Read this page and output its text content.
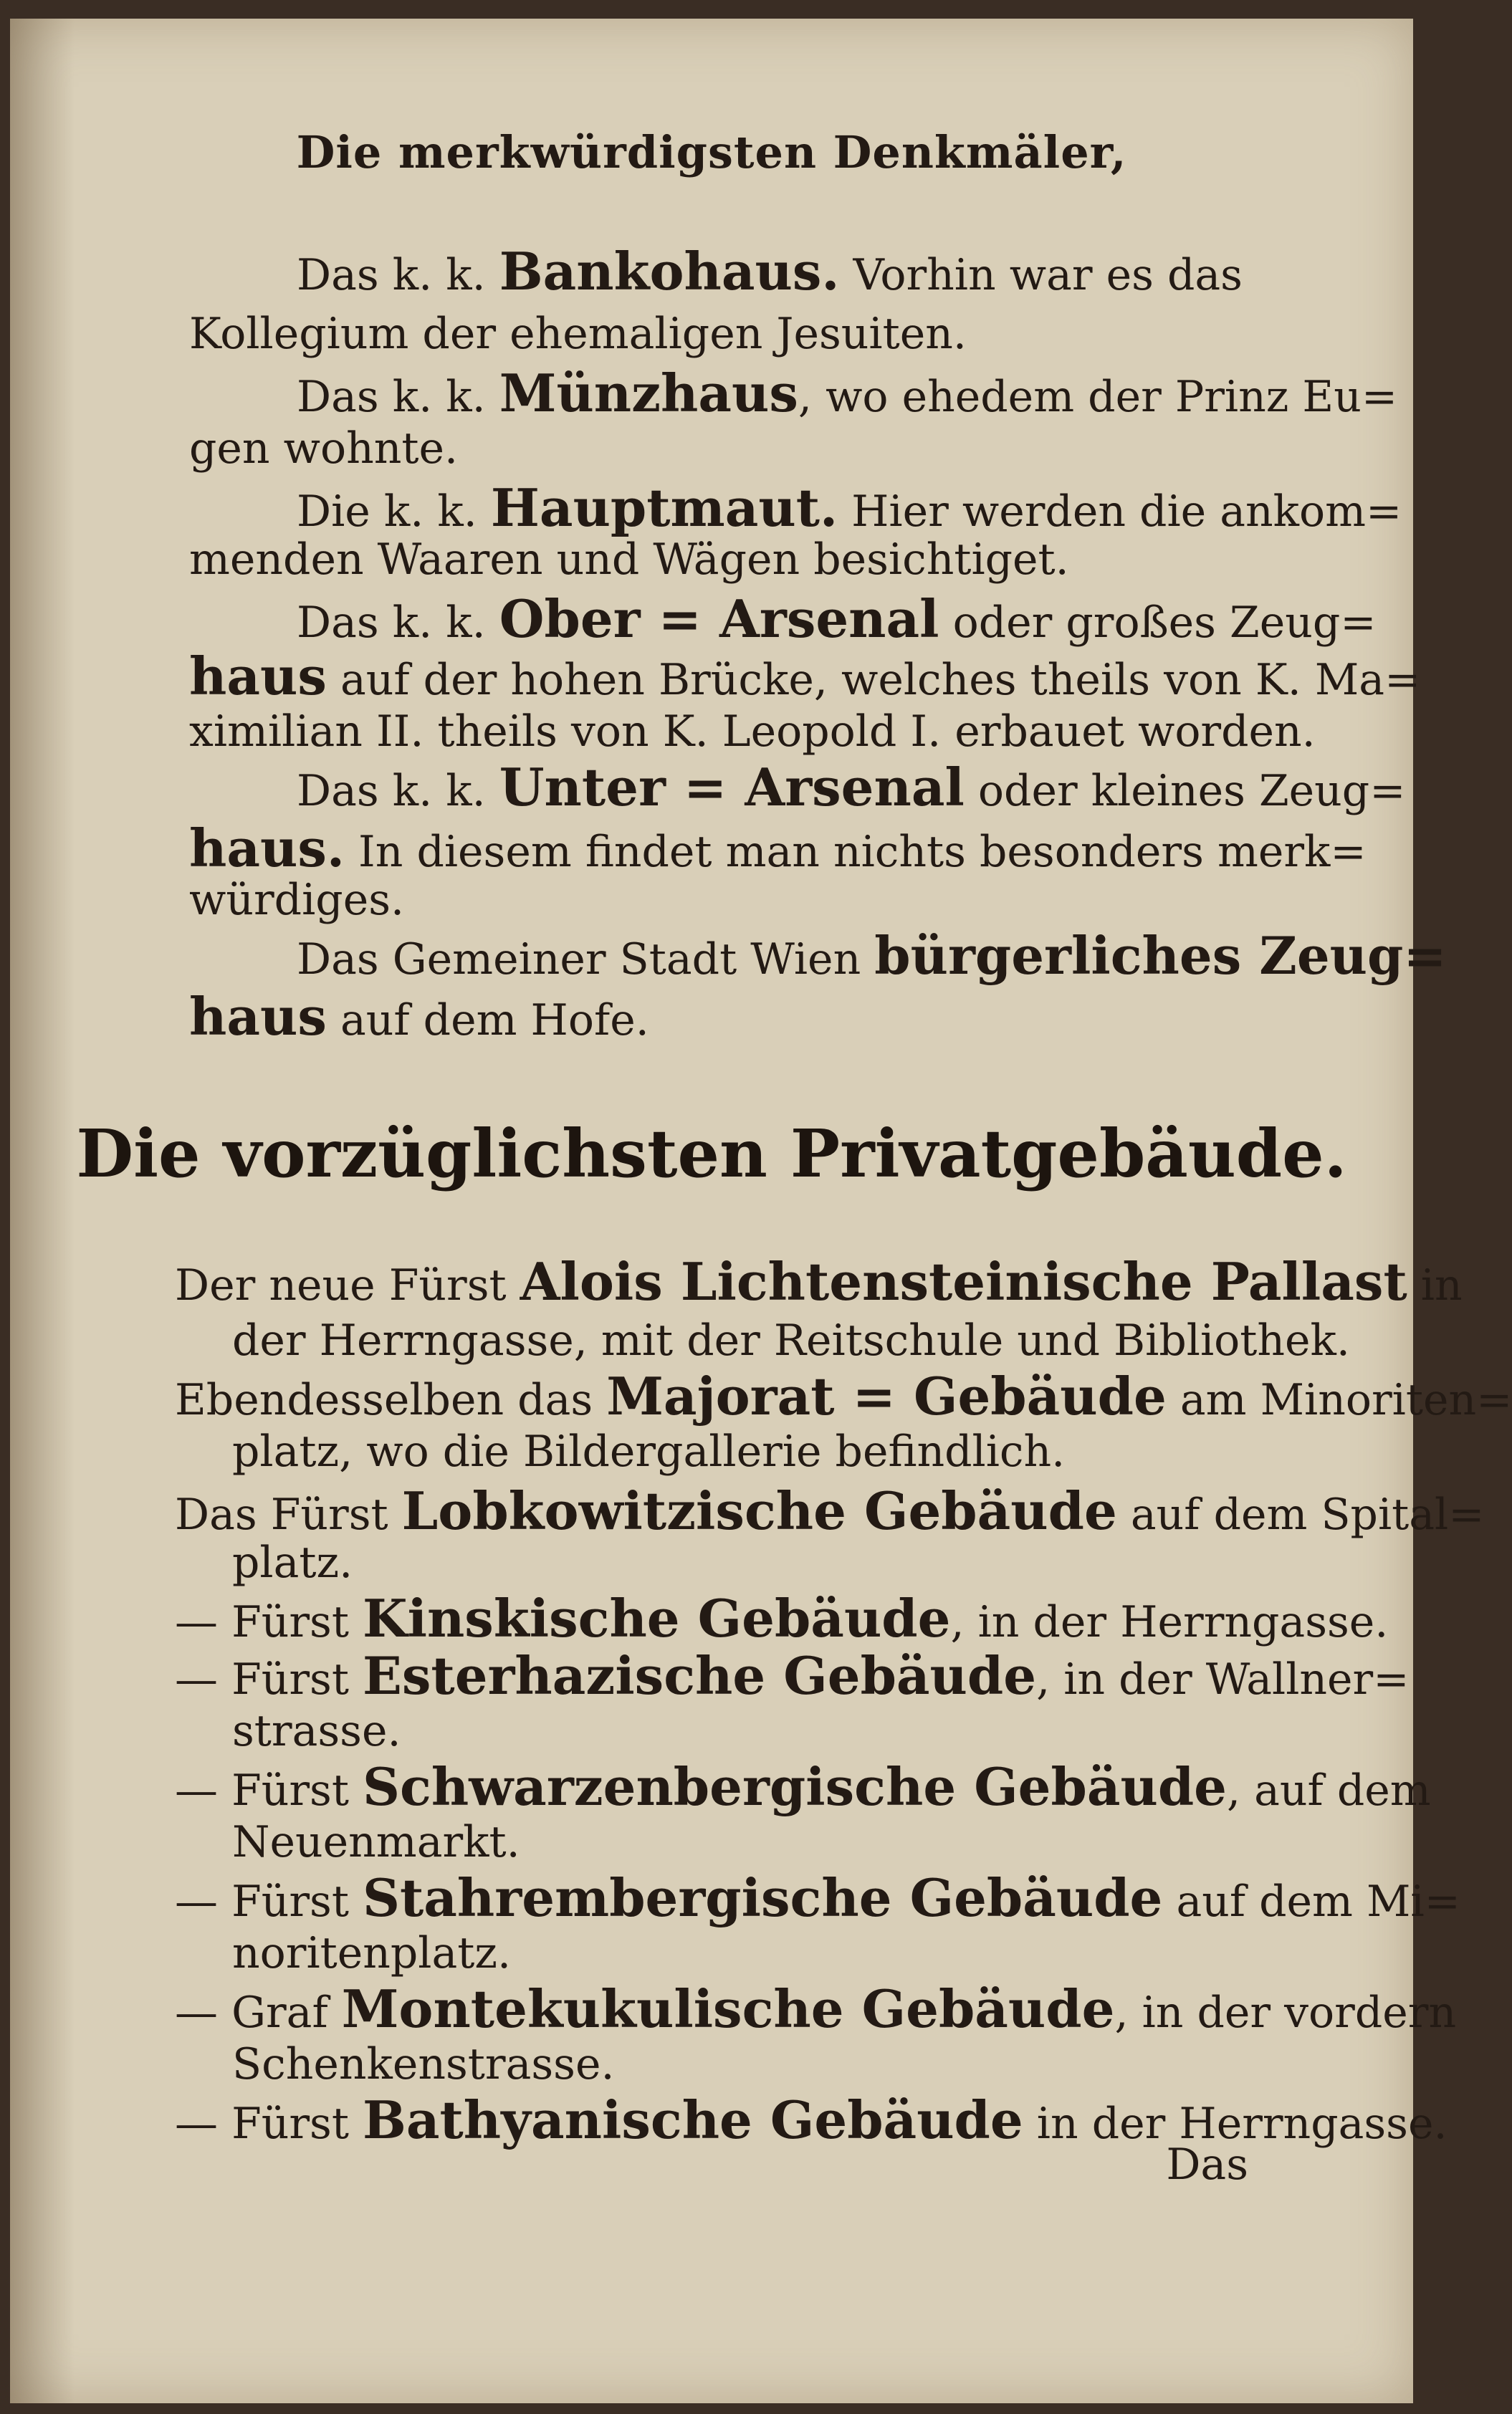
Die merkwürdigsten Denkmäler,
Das k. k. Bankohaus. Vorhin war es das
Kollegium der ehemaligen Jesuiten.
Das k. k. Münzhaus, wo ehedem der Prinz Eu=
gen wohnte.
Die k. k. Hauptmaut. Hier werden die ankom=
menden Waaren und Wägen besichtiget.
Das k. k. Ober = Arsenal oder großes Zeug=
haus auf der hohen Brücke, welches theils von K. Ma=
ximilian II. theils von K. Leopold I. erbauet worden.
Das k. k. Unter = Arsenal oder kleines Zeug=
haus. In diesem findet man nichts besonders merk=
würdiges.
Das Gemeiner Stadt Wien bürgerliches Zeug=
haus auf dem Hofe.
Die vorzüglichsten Privatgebäude.
Der neue Fürst Alois Lichtensteinische Pallast in
der Herrngasse, mit der Reitschule und Bibliothek.
Ebendesselben das Majorat = Gebäude am Minoriten=
platz, wo die Bildergallerie befindlich.
Das Fürst Lobkowitzische Gebäude auf dem Spital=
platz.
— Fürst Kinskische Gebäude, in der Herrngasse.
— Fürst Esterhazische Gebäude, in der Wallner=
strasse.
— Fürst Schwarzenbergische Gebäude, auf dem
Neuenmarkt.
— Fürst Stahrembergische Gebäude auf dem Mi=
noritenplatz.
— Graf Montekukulische Gebäude, in der vordern
Schenkenstrasse.
— Fürst Bathyanische Gebäude in der Herrngasse.
Das
